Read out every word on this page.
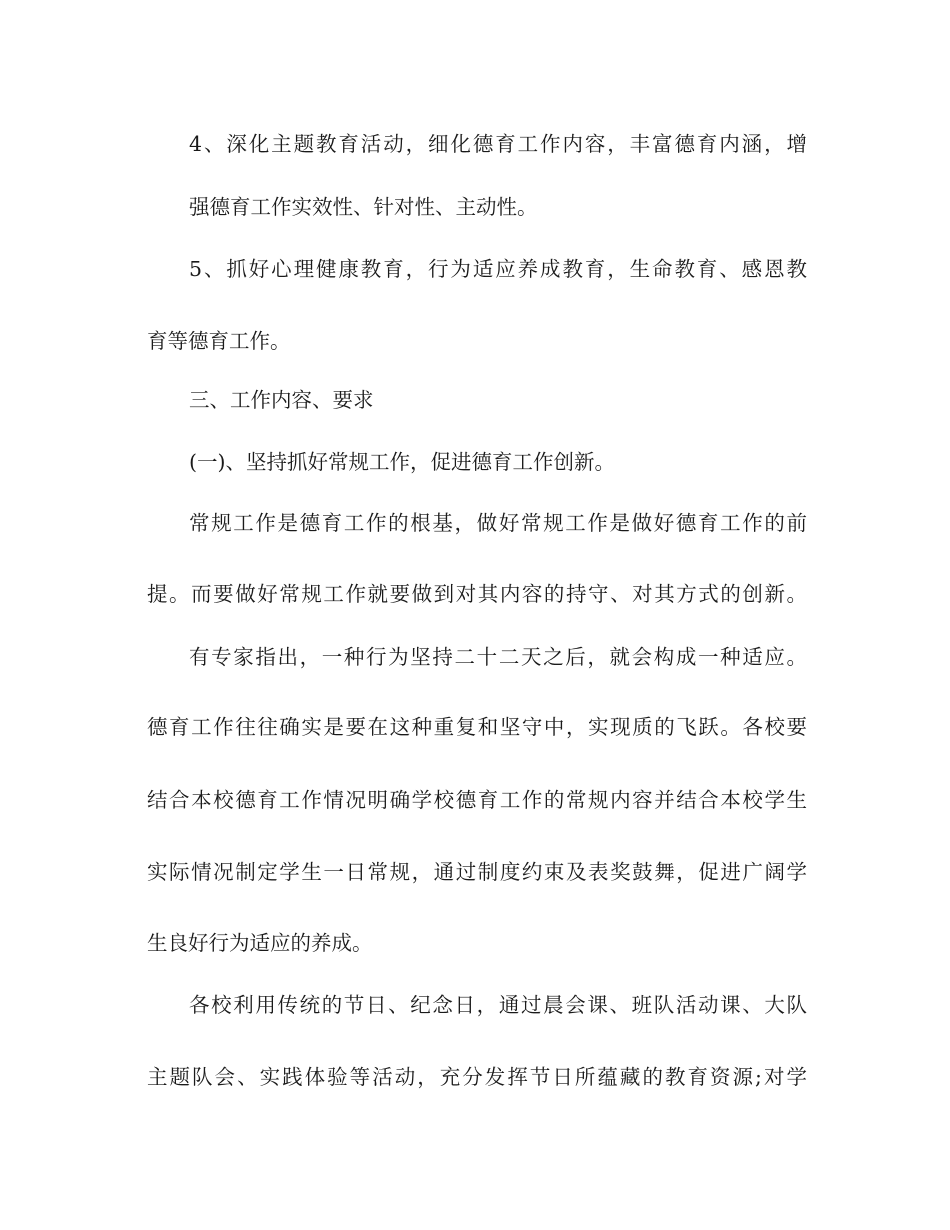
4、深化主题教育活动，细化德育工作内容，丰富德育内涵，增
强德育工作实效性、针对性、主动性。
5、抓好心理健康教育，行为适应养成教育，生命教育、感恩教
育等德育工作。
三、工作内容、要求
(一)、坚持抓好常规工作，促进德育工作创新。
常规工作是德育工作的根基，做好常规工作是做好德育工作的前
提。而要做好常规工作就要做到对其内容的持守、对其方式的创新。
有专家指出，一种行为坚持二十二天之后，就会构成一种适应。
德育工作往往确实是要在这种重复和坚守中，实现质的飞跃。各校要
结合本校德育工作情况明确学校德育工作的常规内容并结合本校学生
实际情况制定学生一日常规，通过制度约束及表奖鼓舞，促进广阔学
生良好行为适应的养成。
各校利用传统的节日、纪念日，通过晨会课、班队活动课、大队
主题队会、实践体验等活动，充分发挥节日所蕴藏的教育资源;对学
